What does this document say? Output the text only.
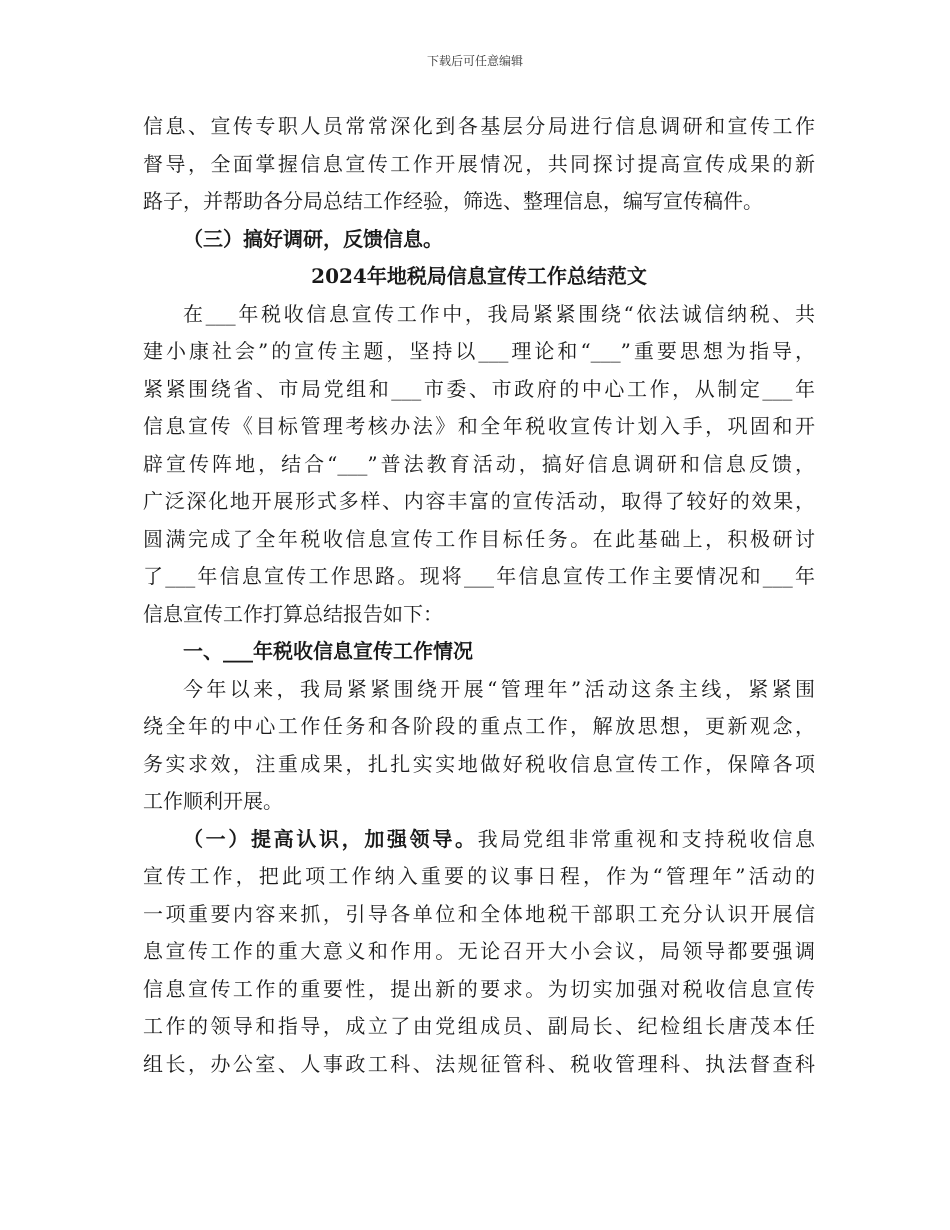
下载后可任意编辑
信息、宣传专职人员常常深化到各基层分局进行信息调研和宣传工作
督导，全面掌握信息宣传工作开展情况，共同探讨提高宣传成果的新
路子，并帮助各分局总结工作经验，筛选、整理信息，编写宣传稿件。
（三）搞好调研，反馈信息。
2024年地税局信息宣传工作总结范文
在___年税收信息宣传工作中，我局紧紧围绕“依法诚信纳税、共
建小康社会”的宣传主题，坚持以___理论和“___”重要思想为指导，
紧紧围绕省、市局党组和___市委、市政府的中心工作，从制定___年
信息宣传《目标管理考核办法》和全年税收宣传计划入手，巩固和开
辟宣传阵地，结合“___”普法教育活动，搞好信息调研和信息反馈，
广泛深化地开展形式多样、内容丰富的宣传活动，取得了较好的效果，
圆满完成了全年税收信息宣传工作目标任务。在此基础上，积极研讨
了___年信息宣传工作思路。现将___年信息宣传工作主要情况和___年
信息宣传工作打算总结报告如下：
一、___年税收信息宣传工作情况
今年以来，我局紧紧围绕开展“管理年”活动这条主线，紧紧围
绕全年的中心工作任务和各阶段的重点工作，解放思想，更新观念，
务实求效，注重成果，扎扎实实地做好税收信息宣传工作，保障各项
工作顺利开展。
（一）提高认识，加强领导。我局党组非常重视和支持税收信息
宣传工作，把此项工作纳入重要的议事日程，作为“管理年”活动的
一项重要内容来抓，引导各单位和全体地税干部职工充分认识开展信
息宣传工作的重大意义和作用。无论召开大小会议，局领导都要强调
信息宣传工作的重要性，提出新的要求。为切实加强对税收信息宣传
工作的领导和指导，成立了由党组成员、副局长、纪检组长唐茂本任
组长，办公室、人事政工科、法规征管科、税收管理科、执法督查科
